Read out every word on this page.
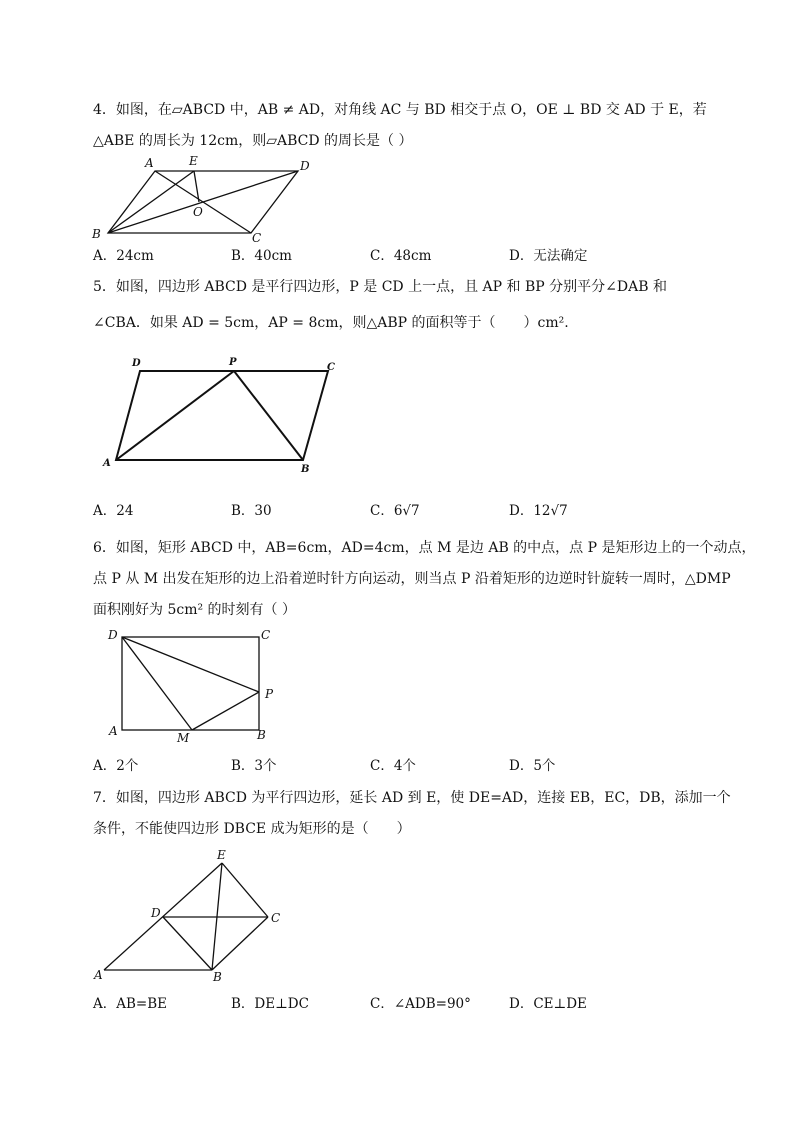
4．如图，在▱ABCD 中，AB ≠ AD，对角线 AC 与 BD 相交于点 O，OE ⊥ BD 交 AD 于 E，若
△ABE 的周长为 12cm，则▱ABCD 的周长是（ ）
A	E	D
O
B	C
A．24cm	B．40cm	C．48cm	D．无法确定
5．如图，四边形 ABCD 是平行四边形，P 是 CD 上一点，且 AP 和 BP 分别平分∠DAB 和
∠CBA．如果 AD = 5cm，AP = 8cm，则△ABP 的面积等于（　　）cm².
D	P	C
A
B
A．24	B．30	C．6√7	D．12√7
6．如图，矩形 ABCD 中，AB=6cm，AD=4cm，点 M 是边 AB 的中点，点 P 是矩形边上的一个动点，
点 P 从 M 出发在矩形的边上沿着逆时针方向运动，则当点 P 沿着矩形的边逆时针旋转一周时，△DMP
面积刚好为 5cm² 的时刻有（ ）
D	C
P
A	M	B
A．2个	B．3个	C．4个	D．5个
7．如图，四边形 ABCD 为平行四边形，延长 AD 到 E，使 DE=AD，连接 EB，EC，DB，添加一个
条件，不能使四边形 DBCE 成为矩形的是（　　）
E
D	C
A	B
A．AB=BE	B．DE⊥DC	C．∠ADB=90°	D．CE⊥DE
